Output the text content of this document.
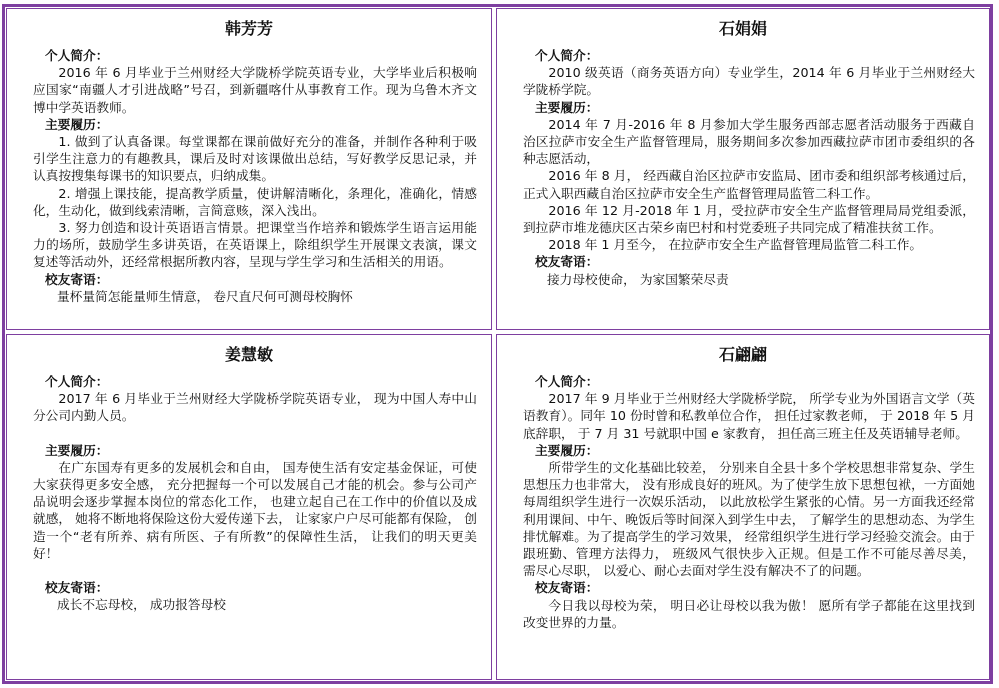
韩芳芳
个人简介：
2016 年 6 月毕业于兰州财经大学陇桥学院英语专业，大学毕业后积极响应国家“南疆人才引进战略”号召，到新疆喀什从事教育工作。现为乌鲁木齐文博中学英语教师。
主要履历：
1. 做到了认真备课。每堂课都在课前做好充分的准备，并制作各种利于吸引学生注意力的有趣教具，课后及时对该课做出总结，写好教学反思记录，并认真按搜集每课书的知识要点，归纳成集。
2. 增强上课技能，提高教学质量，使讲解清晰化，条理化，准确化，情感化，生动化，做到线索清晰，言简意赅，深入浅出。
3. 努力创造和设计英语语言情景。把课堂当作培养和锻炼学生语言运用能力的场所，鼓励学生多讲英语，在英语课上，除组织学生开展课文表演，课文复述等活动外，还经常根据所教内容，呈现与学生学习和生活相关的用语。
校友寄语：
量杯量简怎能量师生情意， 卷尺直尺何可测母校胸怀
石娟娟
个人简介：
2010 级英语（商务英语方向）专业学生，2014 年 6 月毕业于兰州财经大学陇桥学院。
主要履历：
2014 年 7 月-2016 年 8 月参加大学生服务西部志愿者活动服务于西藏自治区拉萨市安全生产监督管理局，服务期间多次参加西藏拉萨市团市委组织的各种志愿活动，
2016 年 8 月， 经西藏自治区拉萨市安监局、团市委和组织部考核通过后， 正式入职西藏自治区拉萨市安全生产监督管理局监管二科工作。
2016 年 12 月-2018 年 1 月，受拉萨市安全生产监督管理局局党组委派，到拉萨市堆龙德庆区古荣乡南巴村和村党委班子共同完成了精准扶贫工作。
2018 年 1 月至今， 在拉萨市安全生产监督管理局监管二科工作。
校友寄语：
接力母校使命， 为家国繁荣尽责
姜慧敏
个人简介：
2017 年 6 月毕业于兰州财经大学陇桥学院英语专业， 现为中国人寿中山分公司内勤人员。
主要履历：
在广东国寿有更多的发展机会和自由， 国寿使生活有安定基金保证，可使大家获得更多安全感， 充分把握每一个可以发展自己才能的机会。参与公司产品说明会逐步掌握本岗位的常态化工作， 也建立起自己在工作中的价值以及成就感， 她将不断地将保险这份大爱传递下去， 让家家户户尽可能都有保险， 创造一个“老有所养、病有所医、子有所教”的保障性生活， 让我们的明天更美好！
校友寄语：
成长不忘母校， 成功报答母校
石翩翩
个人简介：
2017 年 9 月毕业于兰州财经大学陇桥学院， 所学专业为外国语言文学（英语教育）。同年 10 份时曾和私教单位合作， 担任过家教老师， 于 2018 年 5 月底辞职， 于 7 月 31 号就职中国 e 家教育， 担任高三班主任及英语辅导老师。
主要履历：
所带学生的文化基础比较差， 分别来自全县十多个学校思想非常复杂、学生思想压力也非常大， 没有形成良好的班风。为了使学生放下思想包袱，一方面她每周组织学生进行一次娱乐活动， 以此放松学生紧张的心情。另一方面我还经常利用课间、中午、晚饭后等时间深入到学生中去， 了解学生的思想动态、为学生排忧解难。为了提高学生的学习效果， 经常组织学生进行学习经验交流会。由于跟班勤、管理方法得力， 班级风气很快步入正规。但是工作不可能尽善尽美， 需尽心尽职， 以爱心、耐心去面对学生没有解决不了的问题。
校友寄语：
今日我以母校为荣， 明日必让母校以我为傲！ 愿所有学子都能在这里找到改变世界的力量。
